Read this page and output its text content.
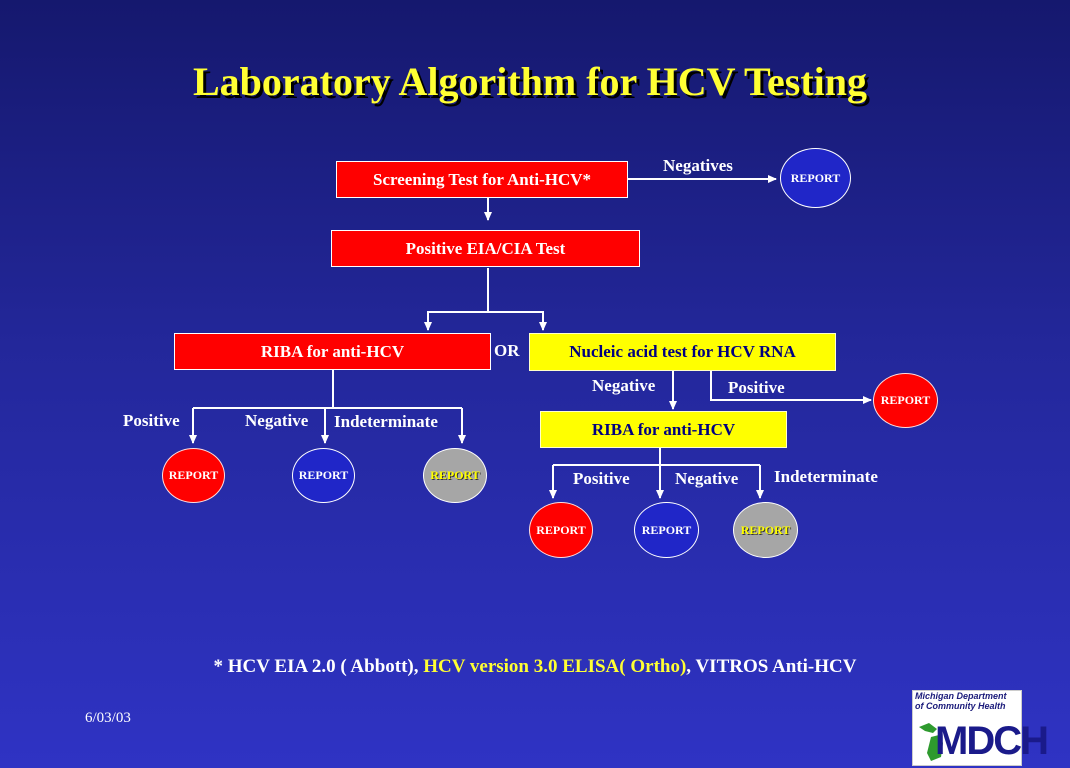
Laboratory Algorithm for HCV Testing
Screening Test for Anti-HCV*
Positive EIA/CIA Test
RIBA for anti-HCV	Nucleic acid test for HCV RNA
RIBA for anti-HCV
Negatives
OR
Positive	Negative Indeterminate
Negative	Positive
Positive	Negative Indeterminate
REPORT
REPORT
REPORT	REPORT	REPORT
REPORT	REPORT	REPORT
* HCV EIA 2.0 ( Abbott), HCV version 3.0 ELISA( Ortho), VITROS Anti-HCV
6/03/03
Michigan Department
of Community Health
MDCH
